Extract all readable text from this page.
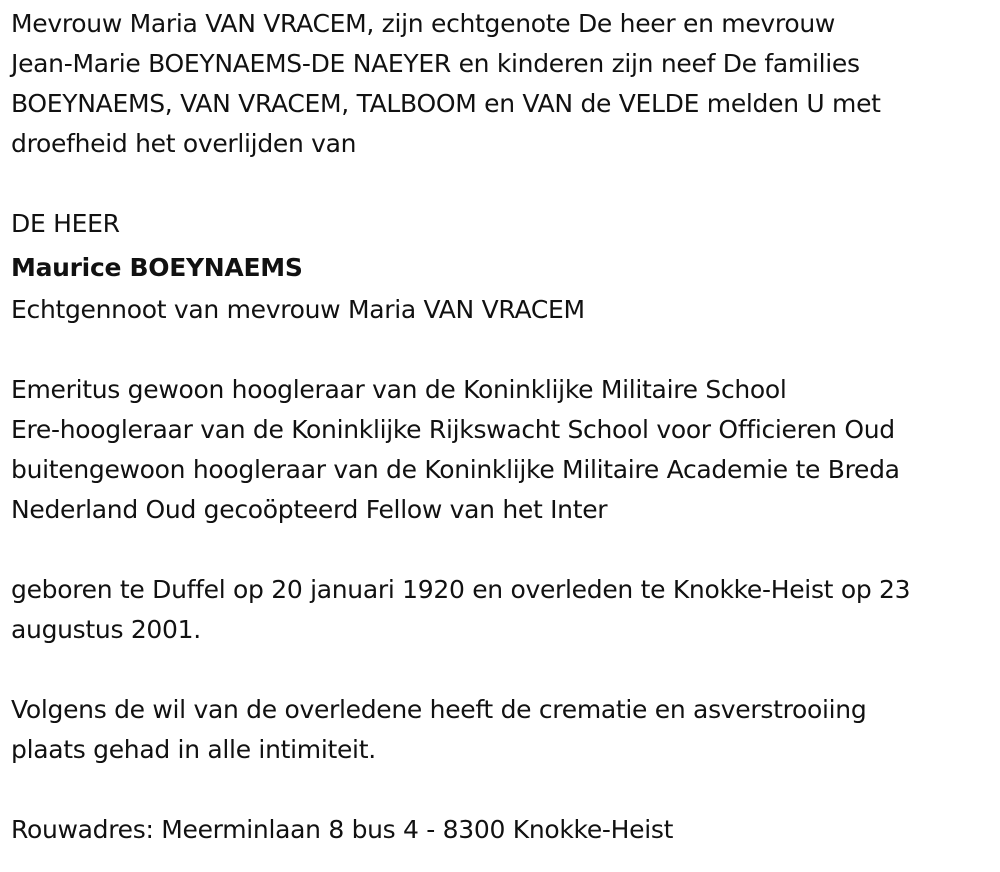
Mevrouw Maria VAN VRACEM, zijn echtgenote De heer en mevrouw
Jean-Marie BOEYNAEMS-DE NAEYER en kinderen zijn neef De families
BOEYNAEMS, VAN VRACEM, TALBOOM en VAN de VELDE melden U met
droefheid het overlijden van

DE HEER

Maurice BOEYNAEMS

Echtgennoot van mevrouw Maria VAN VRACEM

Emeritus gewoon hoogleraar van de Koninklijke Militaire School
Ere-hoogleraar van de Koninklijke Rijkswacht School voor Officieren Oud
buitengewoon hoogleraar van de Koninklijke Militaire Academie te Breda
Nederland Oud gecoöpteerd Fellow van het Inter

geboren te Duffel op 20 januari 1920 en overleden te Knokke-Heist op 23
augustus 2001.

Volgens de wil van de overledene heeft de crematie en asverstrooiing
plaats gehad in alle intimiteit.

Rouwadres: Meerminlaan 8 bus 4 - 8300 Knokke-Heist
